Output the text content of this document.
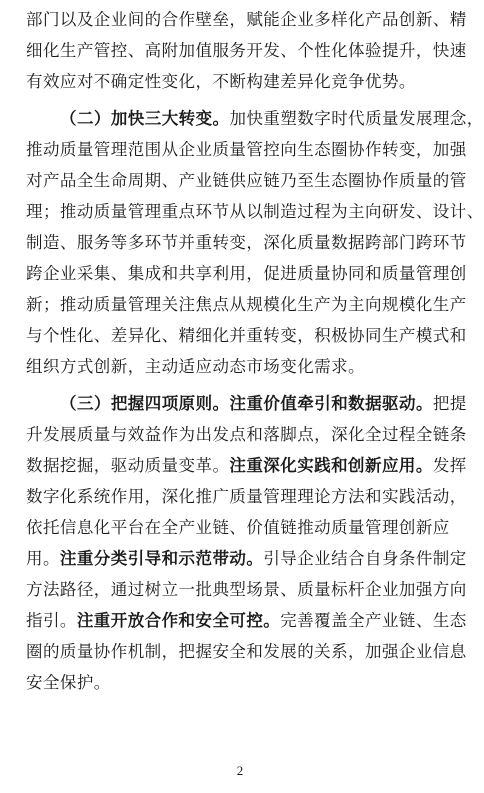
部门以及企业间的合作壁垒，赋能企业多样化产品创新、精
细化生产管控、高附加值服务开发、个性化体验提升，快速
有效应对不确定性变化，不断构建差异化竞争优势。
（二）加快三大转变。加快重塑数字时代质量发展理念，
推动质量管理范围从企业质量管控向生态圈协作转变，加强
对产品全生命周期、产业链供应链乃至生态圈协作质量的管
理；推动质量管理重点环节从以制造过程为主向研发、设计、
制造、服务等多环节并重转变，深化质量数据跨部门跨环节
跨企业采集、集成和共享利用，促进质量协同和质量管理创
新；推动质量管理关注焦点从规模化生产为主向规模化生产
与个性化、差异化、精细化并重转变，积极协同生产模式和
组织方式创新，主动适应动态市场变化需求。
（三）把握四项原则。注重价值牵引和数据驱动。把提
升发展质量与效益作为出发点和落脚点，深化全过程全链条
数据挖掘，驱动质量变革。注重深化实践和创新应用。发挥
数字化系统作用，深化推广质量管理理论方法和实践活动，
依托信息化平台在全产业链、价值链推动质量管理创新应
用。注重分类引导和示范带动。引导企业结合自身条件制定
方法路径，通过树立一批典型场景、质量标杆企业加强方向
指引。注重开放合作和安全可控。完善覆盖全产业链、生态
圈的质量协作机制，把握安全和发展的关系，加强企业信息
安全保护。
2
